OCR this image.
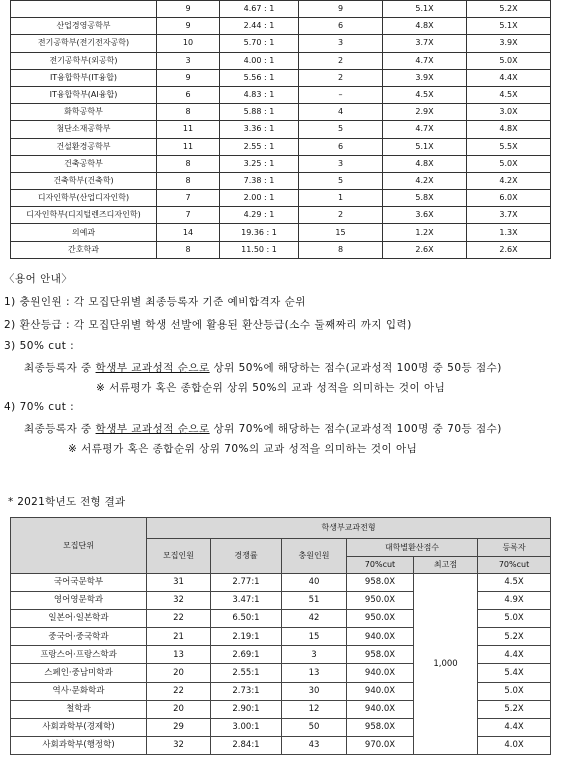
	9	4.67 : 1	9	5.1X	5.2X
산업경영공학부	9	2.44 : 1	6	4.8X	5.1X
전기공학부(전기전자공학)	10	5.70 : 1	3	3.7X	3.9X
전기공학부(외공학)	3	4.00 : 1	2	4.7X	5.0X
IT융합학부(IT융합)	9	5.56 : 1	2	3.9X	4.4X
IT융합학부(AI융합)	6	4.83 : 1	–	4.5X	4.5X
화학공학부	8	5.88 : 1	4	2.9X	3.0X
첨단소재공학부	11	3.36 : 1	5	4.7X	4.8X
건설환경공학부	11	2.55 : 1	6	5.1X	5.5X
건축공학부	8	3.25 : 1	3	4.8X	5.0X
건축학부(건축학)	8	7.38 : 1	5	4.2X	4.2X
디자인학부(산업디자인학)	7	2.00 : 1	1	5.8X	6.0X
디자인학부(디지털렌즈디자인학)	7	4.29 : 1	2	3.6X	3.7X
의예과	14	19.36 : 1	15	1.2X	1.3X
간호학과	8	11.50 : 1	8	2.6X	2.6X
〈용어 안내〉
1) 충원인원 : 각 모집단위별 최종등록자 기준 예비합격자 순위
2) 환산등급 : 각 모집단위별 학생 선발에 활용된 환산등급(소수 둘째짜리 까지 입력)
3) 50% cut :
최종등록자 중 학생부 교과성적 순으로 상위 50%에 해당하는 점수(교과성적 100명 중 50등 점수)
※ 서류평가 혹은 종합순위 상위 50%의 교과 성적을 의미하는 것이 아님
4) 70% cut :
최종등록자 중 학생부 교과성적 순으로 상위 70%에 해당하는 점수(교과성적 100명 중 70등 점수)
※ 서류평가 혹은 종합순위 상위 70%의 교과 성적을 의미하는 것이 아님
* 2021학년도 전형 결과
모집단위	학생부교과전형					
	모집인원	경쟁률	충원인원	대학별환산점수		등록자
				70%cut	최고점	70%cut
국어국문학부	31	2.77:1	40	958.0X	1,000	4.5X
영어영문학과	32	3.47:1	51	950.0X		4.9X
일본어·일본학과	22	6.50:1	42	950.0X		5.0X
중국어·중국학과	21	2.19:1	15	940.0X		5.2X
프랑스어·프랑스학과	13	2.69:1	3	958.0X		4.4X
스페인·중남미학과	20	2.55:1	13	940.0X		5.4X
역사·문화학과	22	2.73:1	30	940.0X		5.0X
철학과	20	2.90:1	12	940.0X		5.2X
사회과학부(경제학)	29	3.00:1	50	958.0X		4.4X
사회과학부(행정학)	32	2.84:1	43	970.0X		4.0X
